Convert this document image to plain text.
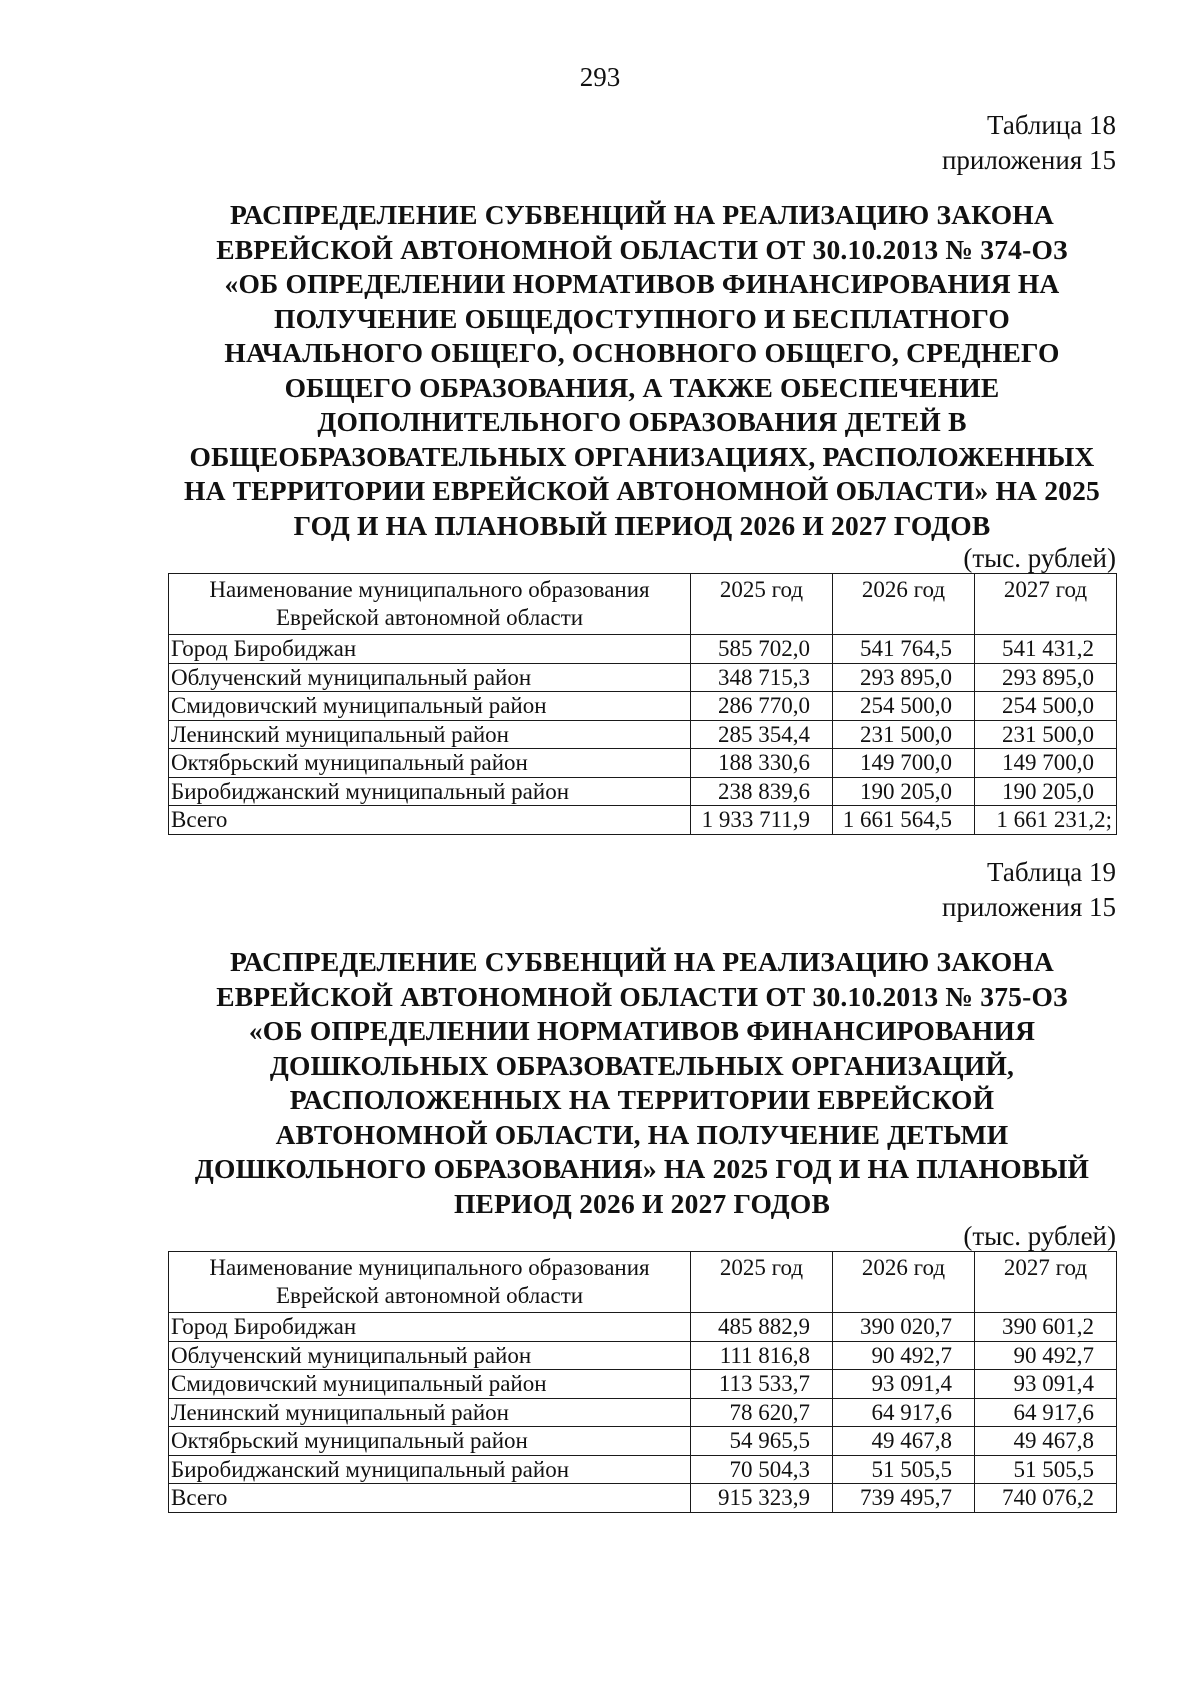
293
Таблица 18
приложения 15
РАСПРЕДЕЛЕНИЕ СУБВЕНЦИЙ НА РЕАЛИЗАЦИЮ ЗАКОНА
ЕВРЕЙСКОЙ АВТОНОМНОЙ ОБЛАСТИ ОТ 30.10.2013 № 374-ОЗ
«ОБ ОПРЕДЕЛЕНИИ НОРМАТИВОВ ФИНАНСИРОВАНИЯ НА
ПОЛУЧЕНИЕ ОБЩЕДОСТУПНОГО И БЕСПЛАТНОГО
НАЧАЛЬНОГО ОБЩЕГО, ОСНОВНОГО ОБЩЕГО, СРЕДНЕГО
ОБЩЕГО ОБРАЗОВАНИЯ, А ТАКЖЕ ОБЕСПЕЧЕНИЕ
ДОПОЛНИТЕЛЬНОГО ОБРАЗОВАНИЯ ДЕТЕЙ В
ОБЩЕОБРАЗОВАТЕЛЬНЫХ ОРГАНИЗАЦИЯХ, РАСПОЛОЖЕННЫХ
НА ТЕРРИТОРИИ ЕВРЕЙСКОЙ АВТОНОМНОЙ ОБЛАСТИ» НА 2025
ГОД И НА ПЛАНОВЫЙ ПЕРИОД 2026 И 2027 ГОДОВ
(тыс. рублей)
Наименование муниципального образования
Еврейской автономной области	2025 год	2026 год	2027 год
Город Биробиджан	585 702,0	541 764,5	541 431,2
Облученский муниципальный район	348 715,3	293 895,0	293 895,0
Смидовичский муниципальный район	286 770,0	254 500,0	254 500,0
Ленинский муниципальный район	285 354,4	231 500,0	231 500,0
Октябрьский муниципальный район	188 330,6	149 700,0	149 700,0
Биробиджанский муниципальный район	238 839,6	190 205,0	190 205,0
Всего	1 933 711,9	1 661 564,5	1 661 231,2;
Таблица 19
приложения 15
РАСПРЕДЕЛЕНИЕ СУБВЕНЦИЙ НА РЕАЛИЗАЦИЮ ЗАКОНА
ЕВРЕЙСКОЙ АВТОНОМНОЙ ОБЛАСТИ ОТ 30.10.2013 № 375-ОЗ
«ОБ ОПРЕДЕЛЕНИИ НОРМАТИВОВ ФИНАНСИРОВАНИЯ
ДОШКОЛЬНЫХ ОБРАЗОВАТЕЛЬНЫХ ОРГАНИЗАЦИЙ,
РАСПОЛОЖЕННЫХ НА ТЕРРИТОРИИ ЕВРЕЙСКОЙ
АВТОНОМНОЙ ОБЛАСТИ, НА ПОЛУЧЕНИЕ ДЕТЬМИ
ДОШКОЛЬНОГО ОБРАЗОВАНИЯ» НА 2025 ГОД И НА ПЛАНОВЫЙ
ПЕРИОД 2026 И 2027 ГОДОВ
(тыс. рублей)
Наименование муниципального образования
Еврейской автономной области	2025 год	2026 год	2027 год
Город Биробиджан	485 882,9	390 020,7	390 601,2
Облученский муниципальный район	111 816,8	90 492,7	90 492,7
Смидовичский муниципальный район	113 533,7	93 091,4	93 091,4
Ленинский муниципальный район	78 620,7	64 917,6	64 917,6
Октябрьский муниципальный район	54 965,5	49 467,8	49 467,8
Биробиджанский муниципальный район	70 504,3	51 505,5	51 505,5
Всего	915 323,9	739 495,7	740 076,2
